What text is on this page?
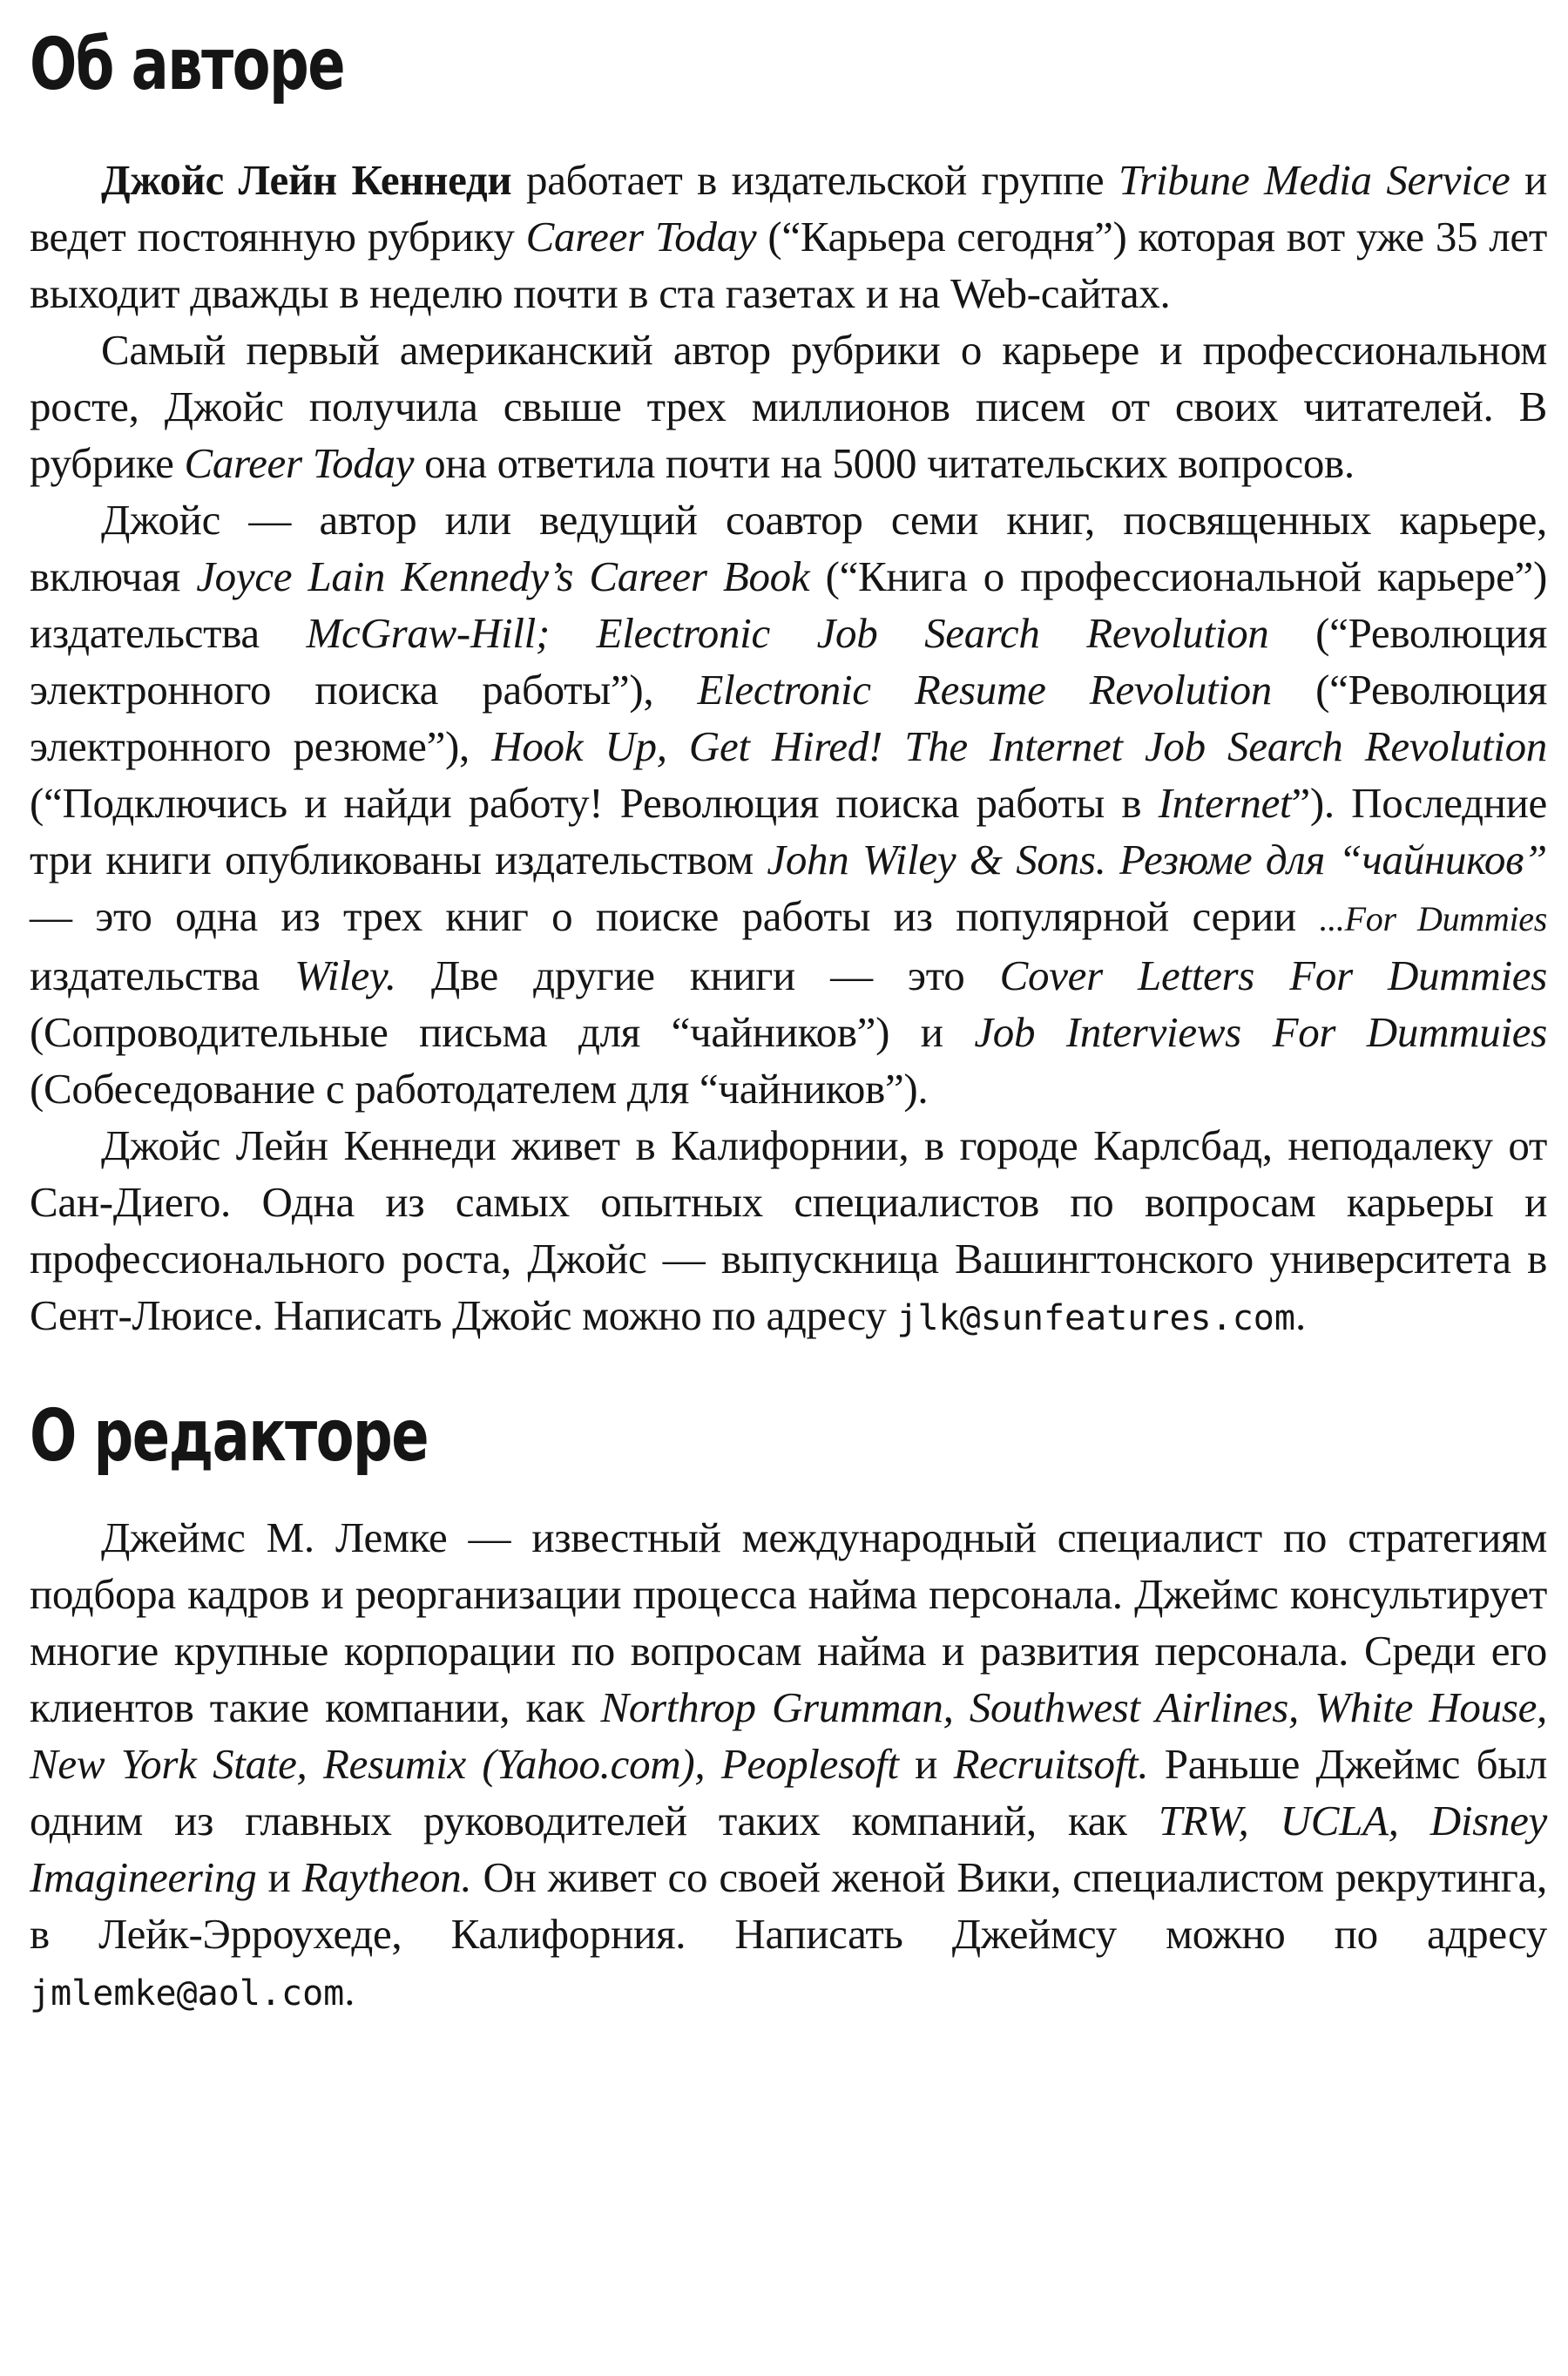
Об авторе

Джойс Лейн Кеннеди работает в издательской группе Tribune Media Service и ведет постоянную рубрику Career Today (“Карьера сегодня”) которая вот уже 35 лет выходит дважды в неделю почти в ста газетах и на Web-сайтах.

Самый первый американский автор рубрики о карьере и профессиональном росте, Джойс получила свыше трех миллионов писем от своих читателей. В рубрике Career Today она ответила почти на 5000 читательских вопросов.

Джойс — автор или ведущий соавтор семи книг, посвященных карьере, включая Joyce Lain Kennedy’s Career Book (“Книга о профессиональной карьере”) издательства McGraw-Hill; Electronic Job Search Revolution (“Революция электронного поиска работы”), Electronic Resume Revolution (“Революция электронного резюме”), Hook Up, Get Hired! The Internet Job Search Revolution (“Подключись и найди работу! Революция поиска работы в Internet”). Последние три книги опубликованы издательством John Wiley & Sons. Резюме для “чайников” — это одна из трех книг о поиске работы из популярной серии ...For Dummies издательства Wiley. Две другие книги — это Cover Letters For Dummies (Сопроводительные письма для “чайников”) и Job Interviews For Dummuies (Собеседование с работодателем для “чайников”).

Джойс Лейн Кеннеди живет в Калифорнии, в городе Карлсбад, неподалеку от Сан-Диего. Одна из самых опытных специалистов по вопросам карьеры и профессионального роста, Джойс — выпускница Вашингтонского университета в Сент-Люисе. Написать Джойс можно по адресу jlk@sunfeatures.com.

О редакторе

Джеймс М. Лемке — известный международный специалист по стратегиям подбора кадров и реорганизации процесса найма персонала. Джеймс консультирует многие крупные корпорации по вопросам найма и развития персонала. Среди его клиентов такие компании, как Northrop Grumman, Southwest Airlines, White House, New York State, Resumix (Yahoo.com), Peoplesoft и Recruitsoft. Раньше Джеймс был одним из главных руководителей таких компаний, как TRW, UCLA, Disney Imagineering и Raytheon. Он живет со своей женой Вики, специалистом рекрутинга, в Лейк-Эрроухеде, Калифорния. Написать Джеймсу можно по адресу jmlemke@aol.com.
